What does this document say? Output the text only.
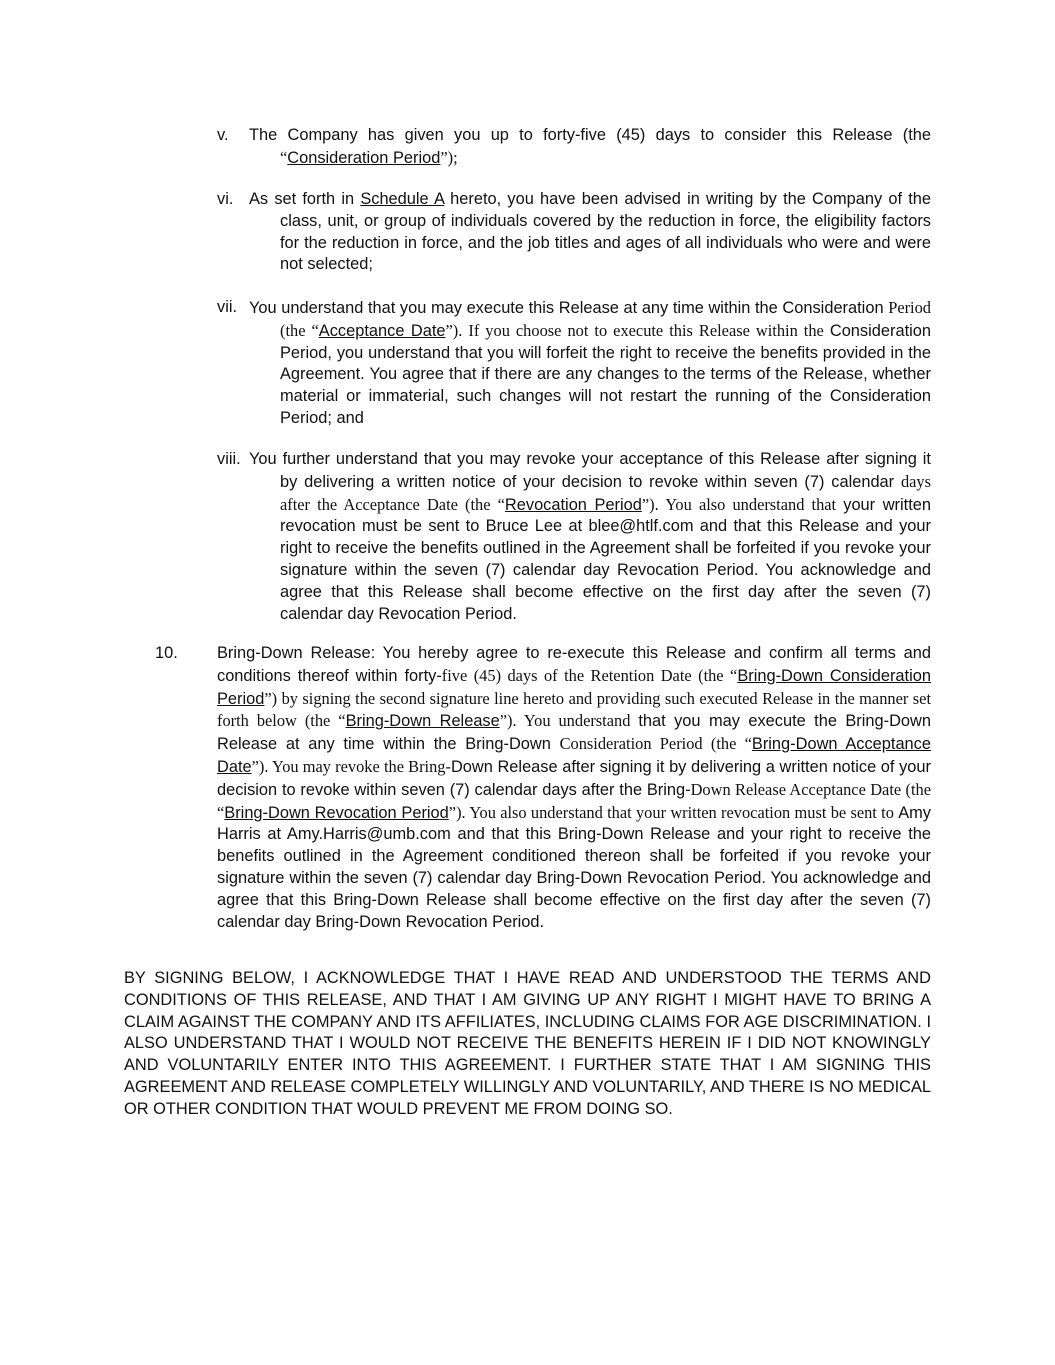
v. The Company has given you up to forty-five (45) days to consider this Release (the “Consideration Period”);

vi. As set forth in Schedule A hereto, you have been advised in writing by the Company of the class, unit, or group of individuals covered by the reduction in force, the eligibility factors for the reduction in force, and the job titles and ages of all individuals who were and were not selected;

vii. You understand that you may execute this Release at any time within the Consideration Period (the “Acceptance Date”). If you choose not to execute this Release within the Consideration Period, you understand that you will forfeit the right to receive the benefits provided in the Agreement. You agree that if there are any changes to the terms of the Release, whether material or immaterial, such changes will not restart the running of the Consideration Period; and

viii. You further understand that you may revoke your acceptance of this Release after signing it by delivering a written notice of your decision to revoke within seven (7) calendar days after the Acceptance Date (the “Revocation Period”). You also understand that your written revocation must be sent to Bruce Lee at blee@htlf.com and that this Release and your right to receive the benefits outlined in the Agreement shall be forfeited if you revoke your signature within the seven (7) calendar day Revocation Period. You acknowledge and agree that this Release shall become effective on the first day after the seven (7) calendar day Revocation Period.

10. Bring-Down Release: You hereby agree to re-execute this Release and confirm all terms and conditions thereof within forty-five (45) days of the Retention Date (the “Bring-Down Consideration Period”) by signing the second signature line hereto and providing such executed Release in the manner set forth below (the “Bring-Down Release”). You understand that you may execute the Bring-Down Release at any time within the Bring-Down Consideration Period (the “Bring-Down Acceptance Date”). You may revoke the Bring-Down Release after signing it by delivering a written notice of your decision to revoke within seven (7) calendar days after the Bring-Down Release Acceptance Date (the “Bring-Down Revocation Period”). You also understand that your written revocation must be sent to Amy Harris at Amy.Harris@umb.com and that this Bring-Down Release and your right to receive the benefits outlined in the Agreement conditioned thereon shall be forfeited if you revoke your signature within the seven (7) calendar day Bring-Down Revocation Period. You acknowledge and agree that this Bring-Down Release shall become effective on the first day after the seven (7) calendar day Bring-Down Revocation Period.

BY SIGNING BELOW, I ACKNOWLEDGE THAT I HAVE READ AND UNDERSTOOD THE TERMS AND CONDITIONS OF THIS RELEASE, AND THAT I AM GIVING UP ANY RIGHT I MIGHT HAVE TO BRING A CLAIM AGAINST THE COMPANY AND ITS AFFILIATES, INCLUDING CLAIMS FOR AGE DISCRIMINATION. I ALSO UNDERSTAND THAT I WOULD NOT RECEIVE THE BENEFITS HEREIN IF I DID NOT KNOWINGLY AND VOLUNTARILY ENTER INTO THIS AGREEMENT. I FURTHER STATE THAT I AM SIGNING THIS AGREEMENT AND RELEASE COMPLETELY WILLINGLY AND VOLUNTARILY, AND THERE IS NO MEDICAL OR OTHER CONDITION THAT WOULD PREVENT ME FROM DOING SO.
